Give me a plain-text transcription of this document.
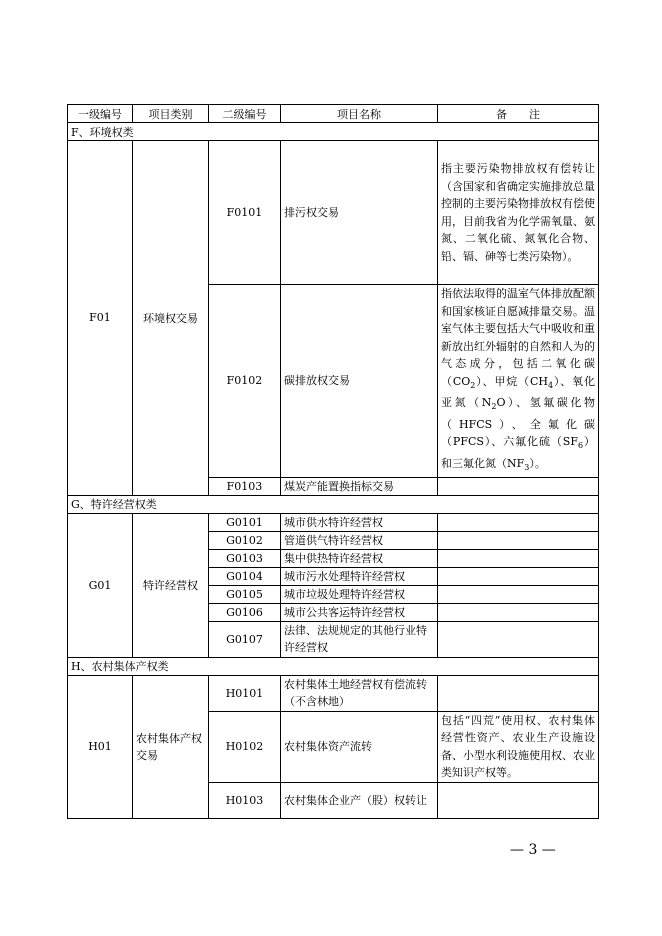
一级编号	项目类别	二级编号	项目名称	备　　注
F、环境权类				
F01	环境权交易	F0101	排污权交易	指主要污染物排放权有偿转让（含国家和省确定实施排放总量控制的主要污染物排放权有偿使用，目前我省为化学需氧量、氨氮、二氧化硫、氮氧化合物、铅、镉、砷等七类污染物）。
		F0102	碳排放权交易	指依法取得的温室气体排放配额和国家核证自愿减排量交易。温室气体主要包括大气中吸收和重新放出红外辐射的自然和人为的气态成分，包括二氧化碳$(CO_2)$、甲烷$(CH_4)$、氧化亚氮$(N_2O)$、氢氟碳化物（HFCS）、全氟化碳（PFCS）、六氟化硫$(SF_6)$和三氟化氮$(NF_3)$。
		F0103	煤炭产能置换指标交易	
G、特许经营权类				
G01	特许经营权	G0101	城市供水特许经营权	
		G0102	管道供气特许经营权	
		G0103	集中供热特许经营权	
		G0104	城市污水处理特许经营权	
		G0105	城市垃圾处理特许经营权	
		G0106	城市公共客运特许经营权	
		G0107	法律、法规规定的其他行业特许经营权	
H、农村集体产权类				
H01	农村集体产权交易	H0101	农村集体土地经营权有偿流转（不含林地）	
		H0102	农村集体资产流转	包括“四荒”使用权、农村集体经营性资产、农业生产设施设备、小型水利设施使用权、农业类知识产权等。
		H0103	农村集体企业产（股）权转让	
— 3 —
